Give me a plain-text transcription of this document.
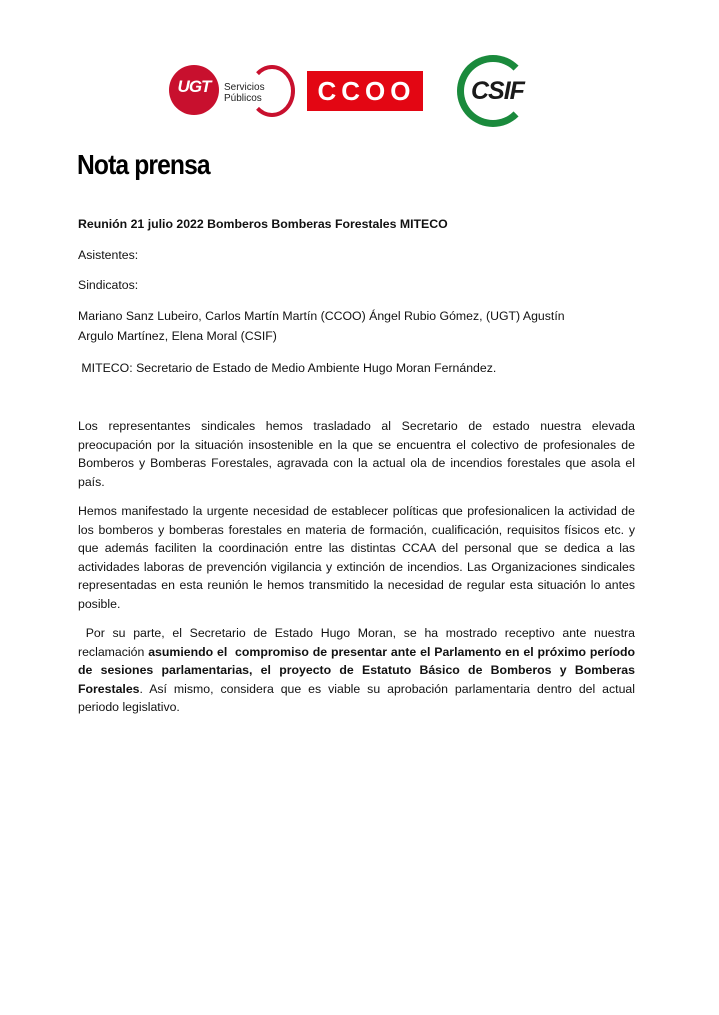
UGT	Servicios
Públicos C C O O CSIF
Nota prensa

Reunión 21 julio 2022 Bomberos Bomberas Forestales MITECO

Asistentes:

Sindicatos:

Mariano Sanz Lubeiro, Carlos Martín Martín (CCOO) Ángel Rubio Gómez, (UGT) Agustín

Argulo Martínez, Elena Moral (CSIF)

MITECO: Secretario de Estado de Medio Ambiente Hugo Moran Fernández.

Los representantes sindicales hemos trasladado al Secretario de estado nuestra elevada preocupación por la situación insostenible en la que se encuentra el colectivo de profesionales de Bomberos y Bomberas Forestales, agravada con la actual ola de incendios forestales que asola el país.

Hemos manifestado la urgente necesidad de establecer políticas que profesionalicen la actividad de los bomberos y bomberas forestales en materia de formación, cualificación, requisitos físicos etc. y que además faciliten la coordinación entre las distintas CCAA del personal que se dedica a las actividades laboras de prevención vigilancia y extinción de incendios. Las Organizaciones sindicales representadas en esta reunión le hemos transmitido la necesidad de regular esta situación lo antes posible.

Por su parte, el Secretario de Estado Hugo Moran, se ha mostrado receptivo ante nuestra reclamación asumiendo el  compromiso de presentar ante el Parlamento en el próximo período de sesiones parlamentarias, el proyecto de Estatuto Básico de Bomberos y Bomberas Forestales. Así mismo, considera que es viable su aprobación parlamentaria dentro del actual periodo legislativo.
